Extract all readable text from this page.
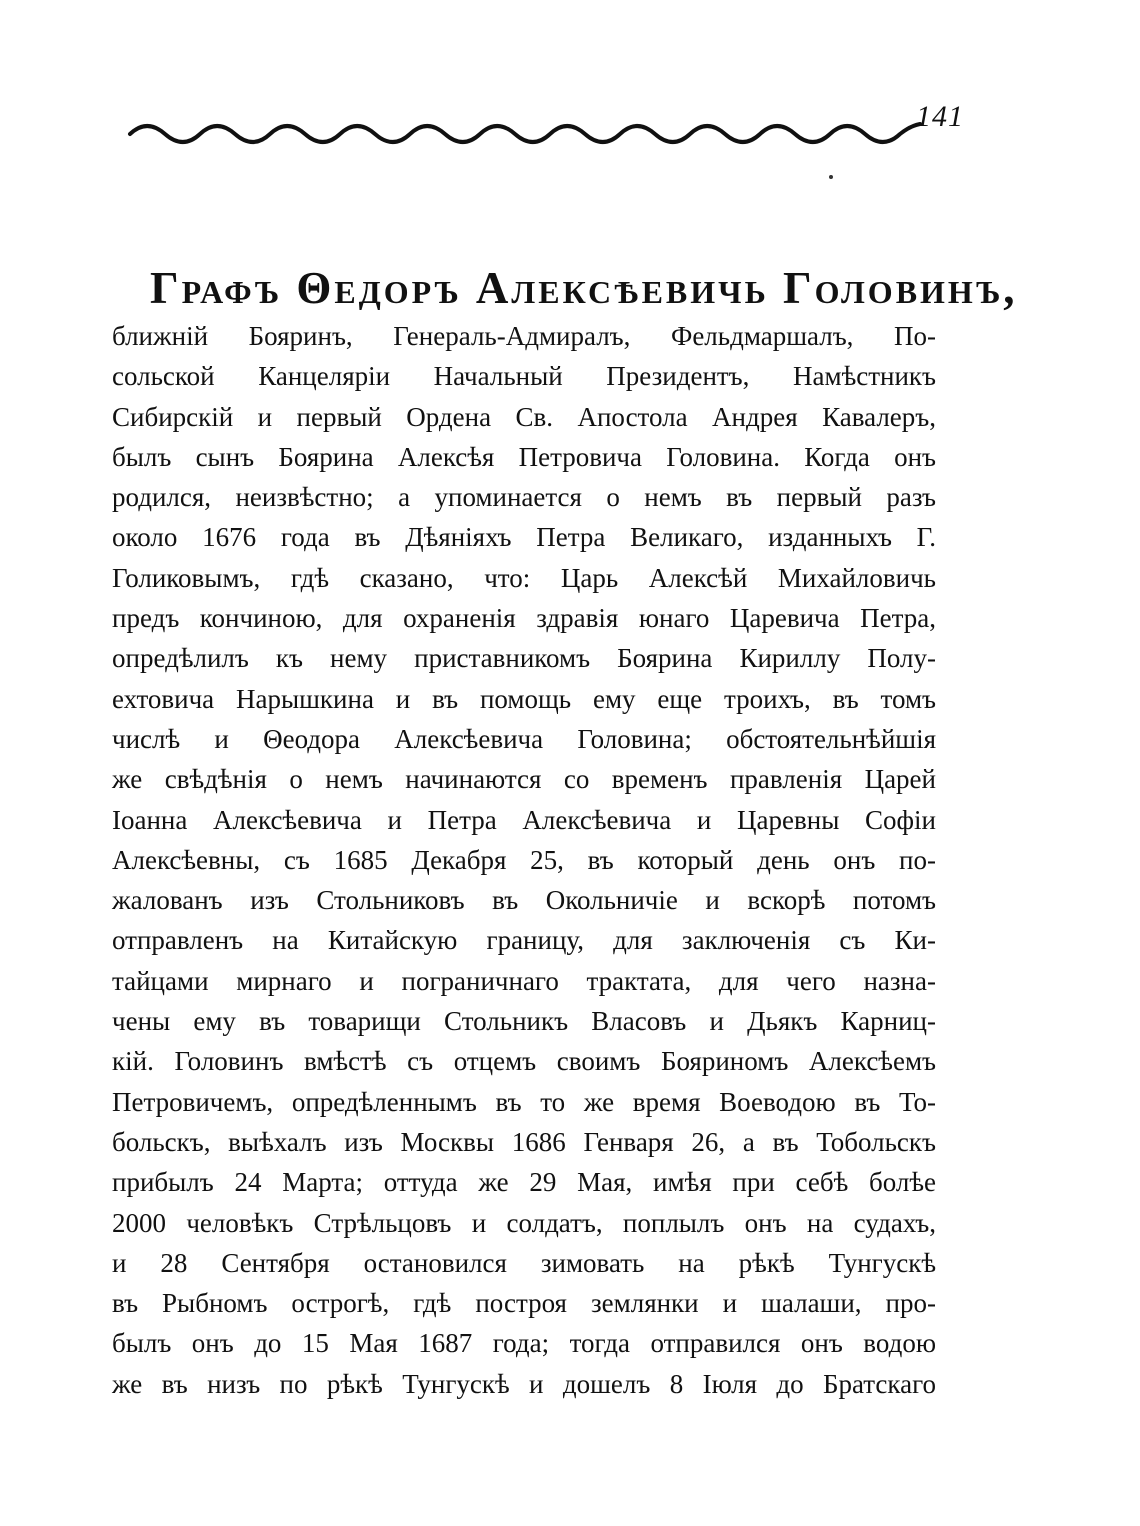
141
Графъ Θедоръ Алексѣевичь Головинъ,
ближній Бояринъ, Генераль-Адмиралъ, Фельдмаршалъ, По-
сольской Канцеляріи Начальный Президентъ, Намѣстникъ
Сибирскій и первый Ордена Св. Апостола Андрея Кавалеръ,
былъ сынъ Боярина Алексѣя Петровича Головина. Когда онъ
родился, неизвѣстно; а упоминается о немъ въ первый разъ
около 1676 года въ Дѣяніяхъ Петра Великаго, изданныхъ Г.
Голиковымъ, гдѣ сказано, что: Царь Алексѣй Михайловичь
предъ кончиною, для охраненія здравія юнаго Царевича Петра,
опредѣлилъ къ нему приставникомъ Боярина Кириллу Полу-
ехтовича Нарышкина и въ помощь ему еще троихъ, въ томъ
числѣ и Θеодора Алексѣевича Головина; обстоятельнѣйшія
же свѣдѣнія о немъ начинаются со временъ правленія Царей
Іоанна Алексѣевича и Петра Алексѣевича и Царевны Софіи
Алексѣевны, съ 1685 Декабря 25, въ который день онъ по-
жалованъ изъ Стольниковъ въ Окольничіе и вскорѣ потомъ
отправленъ на Китайскую границу, для заключенія съ Ки-
тайцами мирнаго и пограничнаго трактата, для чего назна-
чены ему въ товарищи Стольникъ Власовъ и Дьякъ Карниц-
кій. Головинъ вмѣстѣ съ отцемъ своимъ Бояриномъ Алексѣемъ
Петровичемъ, опредѣленнымъ въ то же время Воеводою въ То-
больскъ, выѣхалъ изъ Москвы 1686 Генваря 26, а въ Тобольскъ
прибылъ 24 Марта; оттуда же 29 Мая, имѣя при себѣ болѣе
2000 человѣкъ Стрѣльцовъ и солдатъ, поплылъ онъ на судахъ,
и 28 Сентября остановился зимовать на рѣкѣ Тунгускѣ
въ Рыбномъ острогѣ, гдѣ построя землянки и шалаши, про-
былъ онъ до 15 Мая 1687 года; тогда отправился онъ водою
же въ низъ по рѣкѣ Тунгускѣ и дошелъ 8 Іюля до Братскаго
